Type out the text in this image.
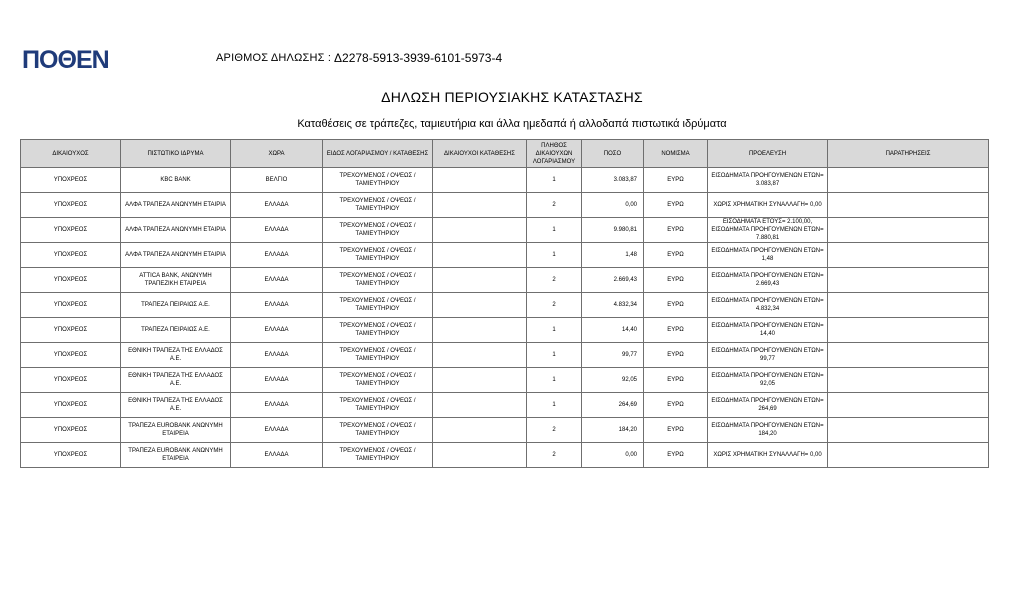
ΠΟΘΕΝ	ΑΡΙΘΜΟΣ ΔΗΛΩΣΗΣ : Δ2278-5913-3939-6101-5973-4
ΔΗΛΩΣΗ ΠΕΡΙΟΥΣΙΑΚΗΣ ΚΑΤΑΣΤΑΣΗΣ
Καταθέσεις σε τράπεζες, ταμιευτήρια και άλλα ημεδαπά ή αλλοδαπά πιστωτικά ιδρύματα
ΔΙΚΑΙΟΥΧΟΣ	ΠΙΣΤΩΤΙΚΟ ΙΔΡΥΜΑ	ΧΩΡΑ	ΕΙΔΟΣ ΛΟΓΑΡΙΑΣΜΟΥ / ΚΑΤΑΘΕΣΗΣ	ΔΙΚΑΙΟΥΧΟΙ ΚΑΤΑΘΕΣΗΣ	ΠΛΗΘΟΣ ΔΙΚΑΙΟΥΧΩΝ ΛΟΓΑΡΙΑΣΜΟΥ	ΠΟΣΟ	ΝΟΜΙΣΜΑ	ΠΡΟΕΛΕΥΣΗ	ΠΑΡΑΤΗΡΗΣΕΙΣ
ΥΠΟΧΡΕΟΣ	KBC BANK	ΒΕΛΓΙΟ	ΤΡΕΧΟΥΜΕΝΟΣ / ΟΨΕΩΣ / ΤΑΜΙΕΥΤΗΡΙΟΥ		1	3.083,87	ΕΥΡΩ	ΕΙΣΟΔΗΜΑΤΑ ΠΡΟΗΓΟΥΜΕΝΩΝ ΕΤΩΝ= 3.083,87	
ΥΠΟΧΡΕΟΣ	ΑΛΦΑ ΤΡΑΠΕΖΑ ΑΝΩΝΥΜΗ ΕΤΑΙΡΙΑ	ΕΛΛΑΔΑ	ΤΡΕΧΟΥΜΕΝΟΣ / ΟΨΕΩΣ / ΤΑΜΙΕΥΤΗΡΙΟΥ		2	0,00	ΕΥΡΩ	ΧΩΡΙΣ ΧΡΗΜΑΤΙΚΗ ΣΥΝΑΛΛΑΓΗ= 0,00	
ΥΠΟΧΡΕΟΣ	ΑΛΦΑ ΤΡΑΠΕΖΑ ΑΝΩΝΥΜΗ ΕΤΑΙΡΙΑ	ΕΛΛΑΔΑ	ΤΡΕΧΟΥΜΕΝΟΣ / ΟΨΕΩΣ / ΤΑΜΙΕΥΤΗΡΙΟΥ		1	9.980,81	ΕΥΡΩ	ΕΙΣΟΔΗΜΑΤΑ ΕΤΟΥΣ= 2.100,00, ΕΙΣΟΔΗΜΑΤΑ ΠΡΟΗΓΟΥΜΕΝΩΝ ΕΤΩΝ= 7.880,81	
ΥΠΟΧΡΕΟΣ	ΑΛΦΑ ΤΡΑΠΕΖΑ ΑΝΩΝΥΜΗ ΕΤΑΙΡΙΑ	ΕΛΛΑΔΑ	ΤΡΕΧΟΥΜΕΝΟΣ / ΟΨΕΩΣ / ΤΑΜΙΕΥΤΗΡΙΟΥ		1	1,48	ΕΥΡΩ	ΕΙΣΟΔΗΜΑΤΑ ΠΡΟΗΓΟΥΜΕΝΩΝ ΕΤΩΝ= 1,48	
ΥΠΟΧΡΕΟΣ	ATTICA BANK, ΑΝΩΝΥΜΗ ΤΡΑΠΕΖΙΚΗ ΕΤΑΙΡΕΙΑ	ΕΛΛΑΔΑ	ΤΡΕΧΟΥΜΕΝΟΣ / ΟΨΕΩΣ / ΤΑΜΙΕΥΤΗΡΙΟΥ		2	2.669,43	ΕΥΡΩ	ΕΙΣΟΔΗΜΑΤΑ ΠΡΟΗΓΟΥΜΕΝΩΝ ΕΤΩΝ= 2.669,43	
ΥΠΟΧΡΕΟΣ	ΤΡΑΠΕΖΑ ΠΕΙΡΑΙΩΣ Α.Ε.	ΕΛΛΑΔΑ	ΤΡΕΧΟΥΜΕΝΟΣ / ΟΨΕΩΣ / ΤΑΜΙΕΥΤΗΡΙΟΥ		2	4.832,34	ΕΥΡΩ	ΕΙΣΟΔΗΜΑΤΑ ΠΡΟΗΓΟΥΜΕΝΩΝ ΕΤΩΝ= 4.832,34	
ΥΠΟΧΡΕΟΣ	ΤΡΑΠΕΖΑ ΠΕΙΡΑΙΩΣ Α.Ε.	ΕΛΛΑΔΑ	ΤΡΕΧΟΥΜΕΝΟΣ / ΟΨΕΩΣ / ΤΑΜΙΕΥΤΗΡΙΟΥ		1	14,40	ΕΥΡΩ	ΕΙΣΟΔΗΜΑΤΑ ΠΡΟΗΓΟΥΜΕΝΩΝ ΕΤΩΝ= 14,40	
ΥΠΟΧΡΕΟΣ	ΕΘΝΙΚΗ ΤΡΑΠΕΖΑ ΤΗΣ ΕΛΛΑΔΟΣ Α.Ε.	ΕΛΛΑΔΑ	ΤΡΕΧΟΥΜΕΝΟΣ / ΟΨΕΩΣ / ΤΑΜΙΕΥΤΗΡΙΟΥ		1	99,77	ΕΥΡΩ	ΕΙΣΟΔΗΜΑΤΑ ΠΡΟΗΓΟΥΜΕΝΩΝ ΕΤΩΝ= 99,77	
ΥΠΟΧΡΕΟΣ	ΕΘΝΙΚΗ ΤΡΑΠΕΖΑ ΤΗΣ ΕΛΛΑΔΟΣ Α.Ε.	ΕΛΛΑΔΑ	ΤΡΕΧΟΥΜΕΝΟΣ / ΟΨΕΩΣ / ΤΑΜΙΕΥΤΗΡΙΟΥ		1	92,05	ΕΥΡΩ	ΕΙΣΟΔΗΜΑΤΑ ΠΡΟΗΓΟΥΜΕΝΩΝ ΕΤΩΝ= 92,05	
ΥΠΟΧΡΕΟΣ	ΕΘΝΙΚΗ ΤΡΑΠΕΖΑ ΤΗΣ ΕΛΛΑΔΟΣ Α.Ε.	ΕΛΛΑΔΑ	ΤΡΕΧΟΥΜΕΝΟΣ / ΟΨΕΩΣ / ΤΑΜΙΕΥΤΗΡΙΟΥ		1	264,69	ΕΥΡΩ	ΕΙΣΟΔΗΜΑΤΑ ΠΡΟΗΓΟΥΜΕΝΩΝ ΕΤΩΝ= 264,69	
ΥΠΟΧΡΕΟΣ	ΤΡΑΠΕΖΑ EUROBANK ΑΝΩΝΥΜΗ ΕΤΑΙΡΕΙΑ	ΕΛΛΑΔΑ	ΤΡΕΧΟΥΜΕΝΟΣ / ΟΨΕΩΣ / ΤΑΜΙΕΥΤΗΡΙΟΥ		2	184,20	ΕΥΡΩ	ΕΙΣΟΔΗΜΑΤΑ ΠΡΟΗΓΟΥΜΕΝΩΝ ΕΤΩΝ= 184,20	
ΥΠΟΧΡΕΟΣ	ΤΡΑΠΕΖΑ EUROBANK ΑΝΩΝΥΜΗ ΕΤΑΙΡΕΙΑ	ΕΛΛΑΔΑ	ΤΡΕΧΟΥΜΕΝΟΣ / ΟΨΕΩΣ / ΤΑΜΙΕΥΤΗΡΙΟΥ		2	0,00	ΕΥΡΩ	ΧΩΡΙΣ ΧΡΗΜΑΤΙΚΗ ΣΥΝΑΛΛΑΓΗ= 0,00	
